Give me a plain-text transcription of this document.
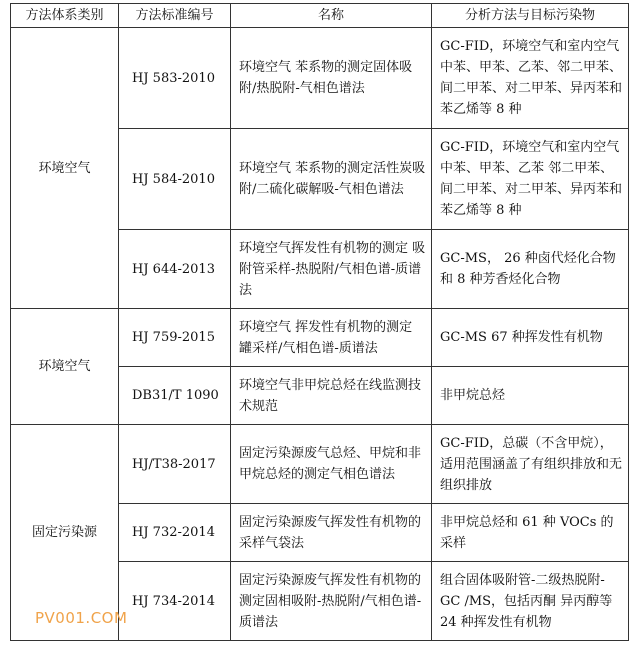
方法体系类别	方法标准编号	名称	分析方法与目标污染物
环境空气	HJ 583-2010	环境空气 苯系物的测定固体吸附/热脱附-气相色谱法	GC-FID，环境空气和室内空气中苯、甲苯、乙苯、邻二甲苯、间二甲苯、对二甲苯、异丙苯和苯乙烯等 8 种
	HJ 584-2010	环境空气 苯系物的测定活性炭吸附/二硫化碳解吸-气相色谱法	GC-FID，环境空气和室内空气中苯、甲苯、乙苯 邻二甲苯、间二甲苯、对二甲苯、异丙苯和苯乙烯等 8 种
	HJ 644-2013	环境空气挥发性有机物的测定 吸附管采样-热脱附/气相色谱-质谱法	GC-MS， 26 种卤代烃化合物和 8 种芳香烃化合物
环境空气	HJ 759-2015	环境空气 挥发性有机物的测定 罐采样/气相色谱-质谱法	GC-MS 67 种挥发性有机物
	DB31/T 1090	环境空气非甲烷总烃在线监测技术规范	非甲烷总烃
固定污染源	HJ/T38-2017	固定污染源废气总烃、甲烷和非甲烷总烃的测定气相色谱法	GC-FID，总碳（不含甲烷），适用范围涵盖了有组织排放和无组织排放
	HJ 732-2014	固定污染源废气挥发性有机物的采样气袋法	非甲烷总烃和 61 种 VOCs 的采样
	HJ 734-2014	固定污染源废气挥发性有机物的测定固相吸附-热脱附/气相色谱-质谱法	组合固体吸附管-二级热脱附-GC /MS，包括丙酮 异丙醇等 24 种挥发性有机物
PV001.COM
